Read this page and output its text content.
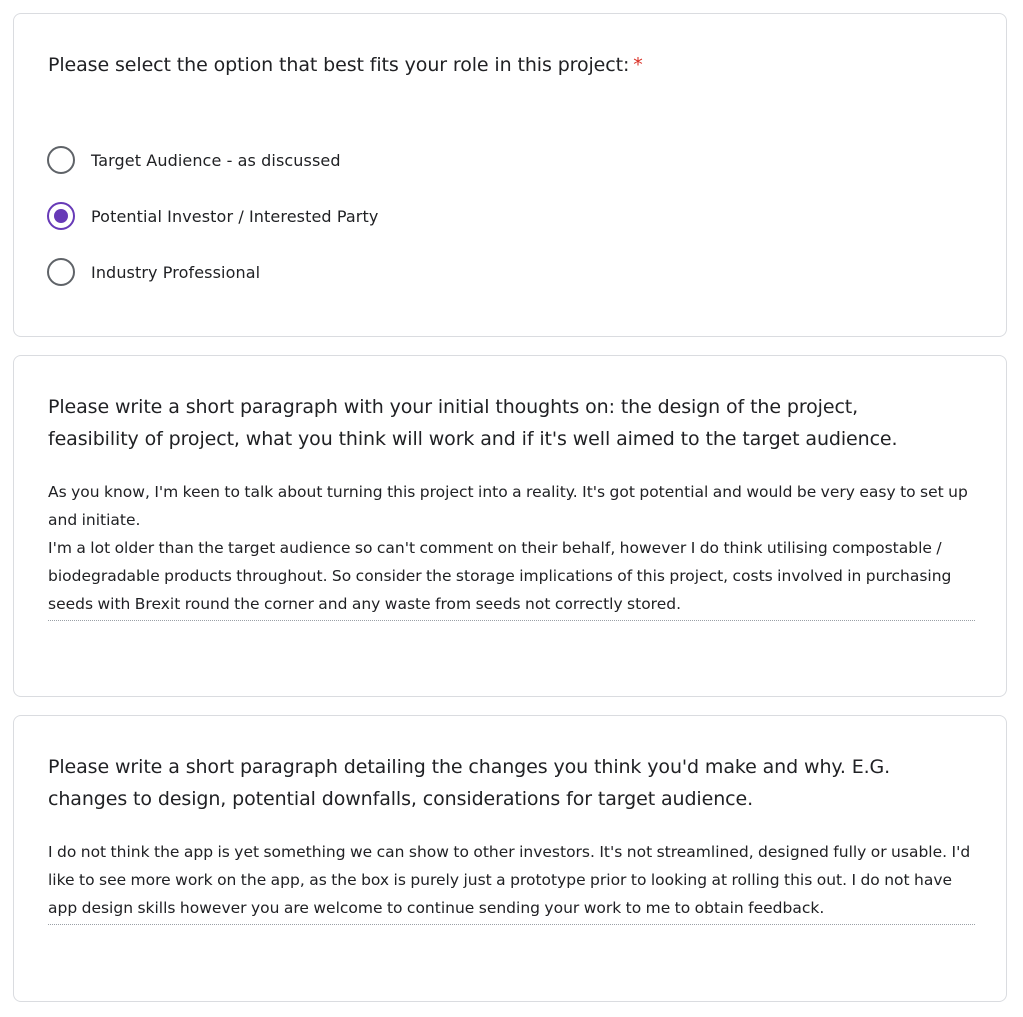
Please select the option that best fits your role in this project: *
Target Audience - as discussed
Potential Investor / Interested Party
Industry Professional
Please write a short paragraph with your initial thoughts on: the design of the project,
feasibility of project, what you think will work and if it's well aimed to the target audience.

As you know, I'm keen to talk about turning this project into a reality. It's got potential and would be very easy to set up and initiate.

I'm a lot older than the target audience so can't comment on their behalf, however I do think utilising compostable / biodegradable products throughout. So consider the storage implications of this project, costs involved in purchasing seeds with Brexit round the corner and any waste from seeds not correctly stored.

Please write a short paragraph detailing the changes you think you'd make and why. E.G.
changes to design, potential downfalls, considerations for target audience.

I do not think the app is yet something we can show to other investors. It's not streamlined, designed fully or usable. I'd like to see more work on the app, as the box is purely just a prototype prior to looking at rolling this out. I do not have app design skills however you are welcome to continue sending your work to me to obtain feedback.
